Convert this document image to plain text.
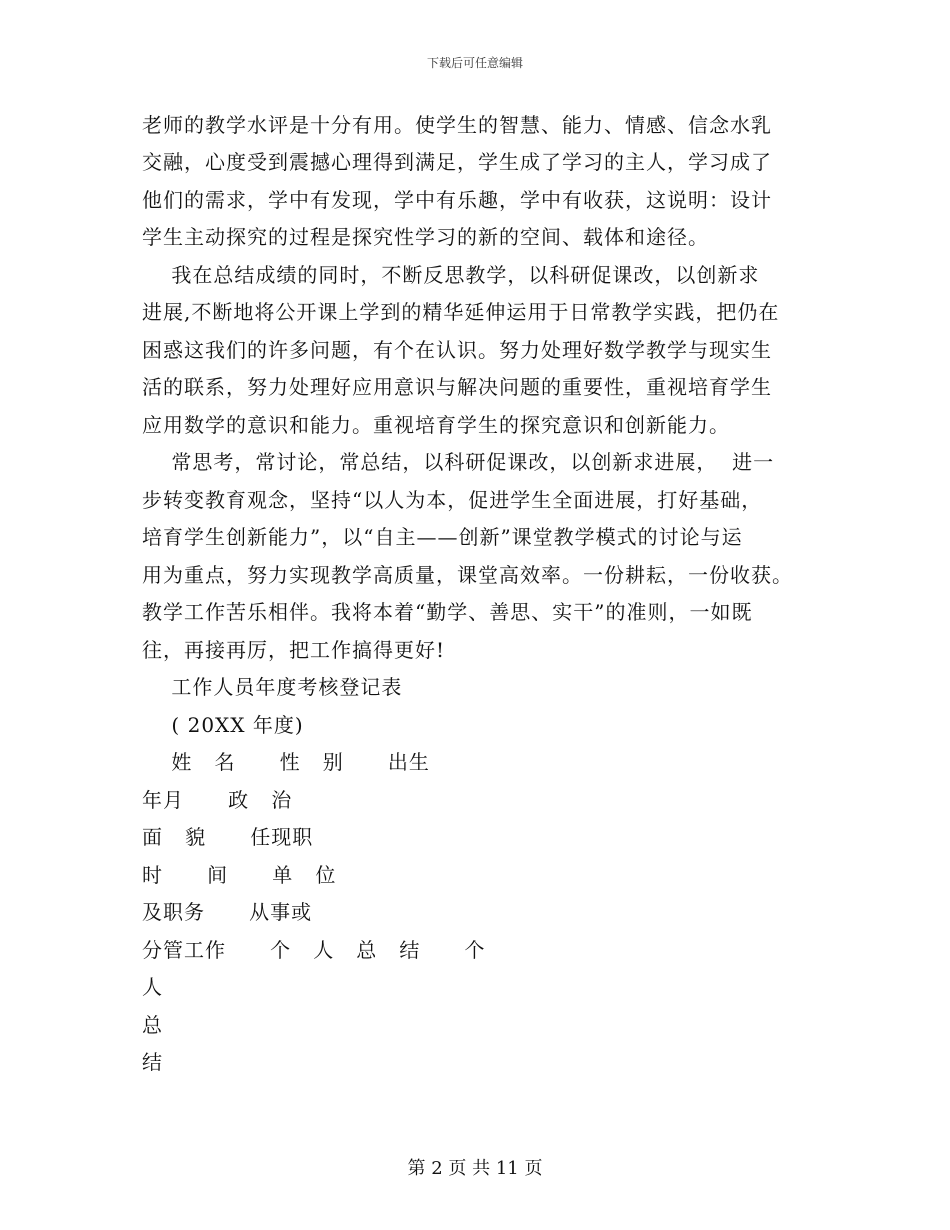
下载后可任意编辑
老师的教学水评是十分有用。使学生的智慧、能力、情感、信念水乳
交融，心度受到震撼心理得到满足，学生成了学习的主人，学习成了
他们的需求，学中有发现，学中有乐趣，学中有收获，这说明：设计
学生主动探究的过程是探究性学习的新的空间、载体和途径。
我在总结成绩的同时，不断反思教学，以科研促课改，以创新求
进展,不断地将公开课上学到的精华延伸运用于日常教学实践，把仍在
困惑这我们的许多问题，有个在认识。努力处理好数学教学与现实生
活的联系，努力处理好应用意识与解决问题的重要性，重视培育学生
应用数学的意识和能力。重视培育学生的探究意识和创新能力。
常思考，常讨论，常总结，以科研促课改，以创新求进展，  进一
步转变教育观念，坚持“以人为本，促进学生全面进展，打好基础，
培育学生创新能力”，以“自主——创新”课堂教学模式的讨论与运
用为重点，努力实现教学高质量，课堂高效率。一份耕耘，一份收获。
教学工作苦乐相伴。我将本着“勤学、善思、实干”的准则，一如既
往，再接再厉，把工作搞得更好!
工作人员年度考核登记表
( 20XX 年度)
姓   名      性   别      出生
年月      政   治
面   貌      任现职
时      间      单   位
及职务      从事或
分管工作      个   人   总   结      个
人
总
结
第 2 页 共 11 页
